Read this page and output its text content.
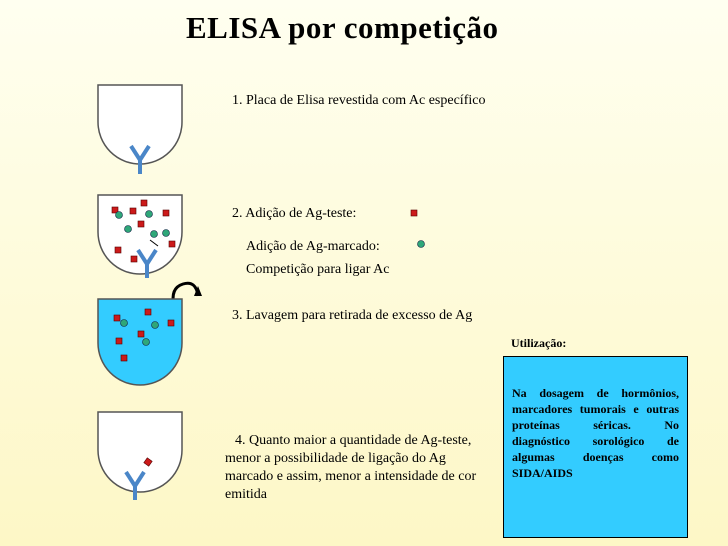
ELISA por competição
1. Placa de Elisa revestida com Ac específico
2. Adição de Ag-teste:
Adição de Ag-marcado:
Competição para ligar Ac
3. Lavagem para retirada de excesso de Ag
4. Quanto maior a quantidade de Ag-teste, menor a possibilidade de ligação do Ag marcado e assim, menor a intensidade de cor emitida
Utilização:
Na dosagem de hormônios, marcadores tumorais e outras proteínas séricas. No diagnóstico sorológico de algumas doenças como SIDA/AIDS
